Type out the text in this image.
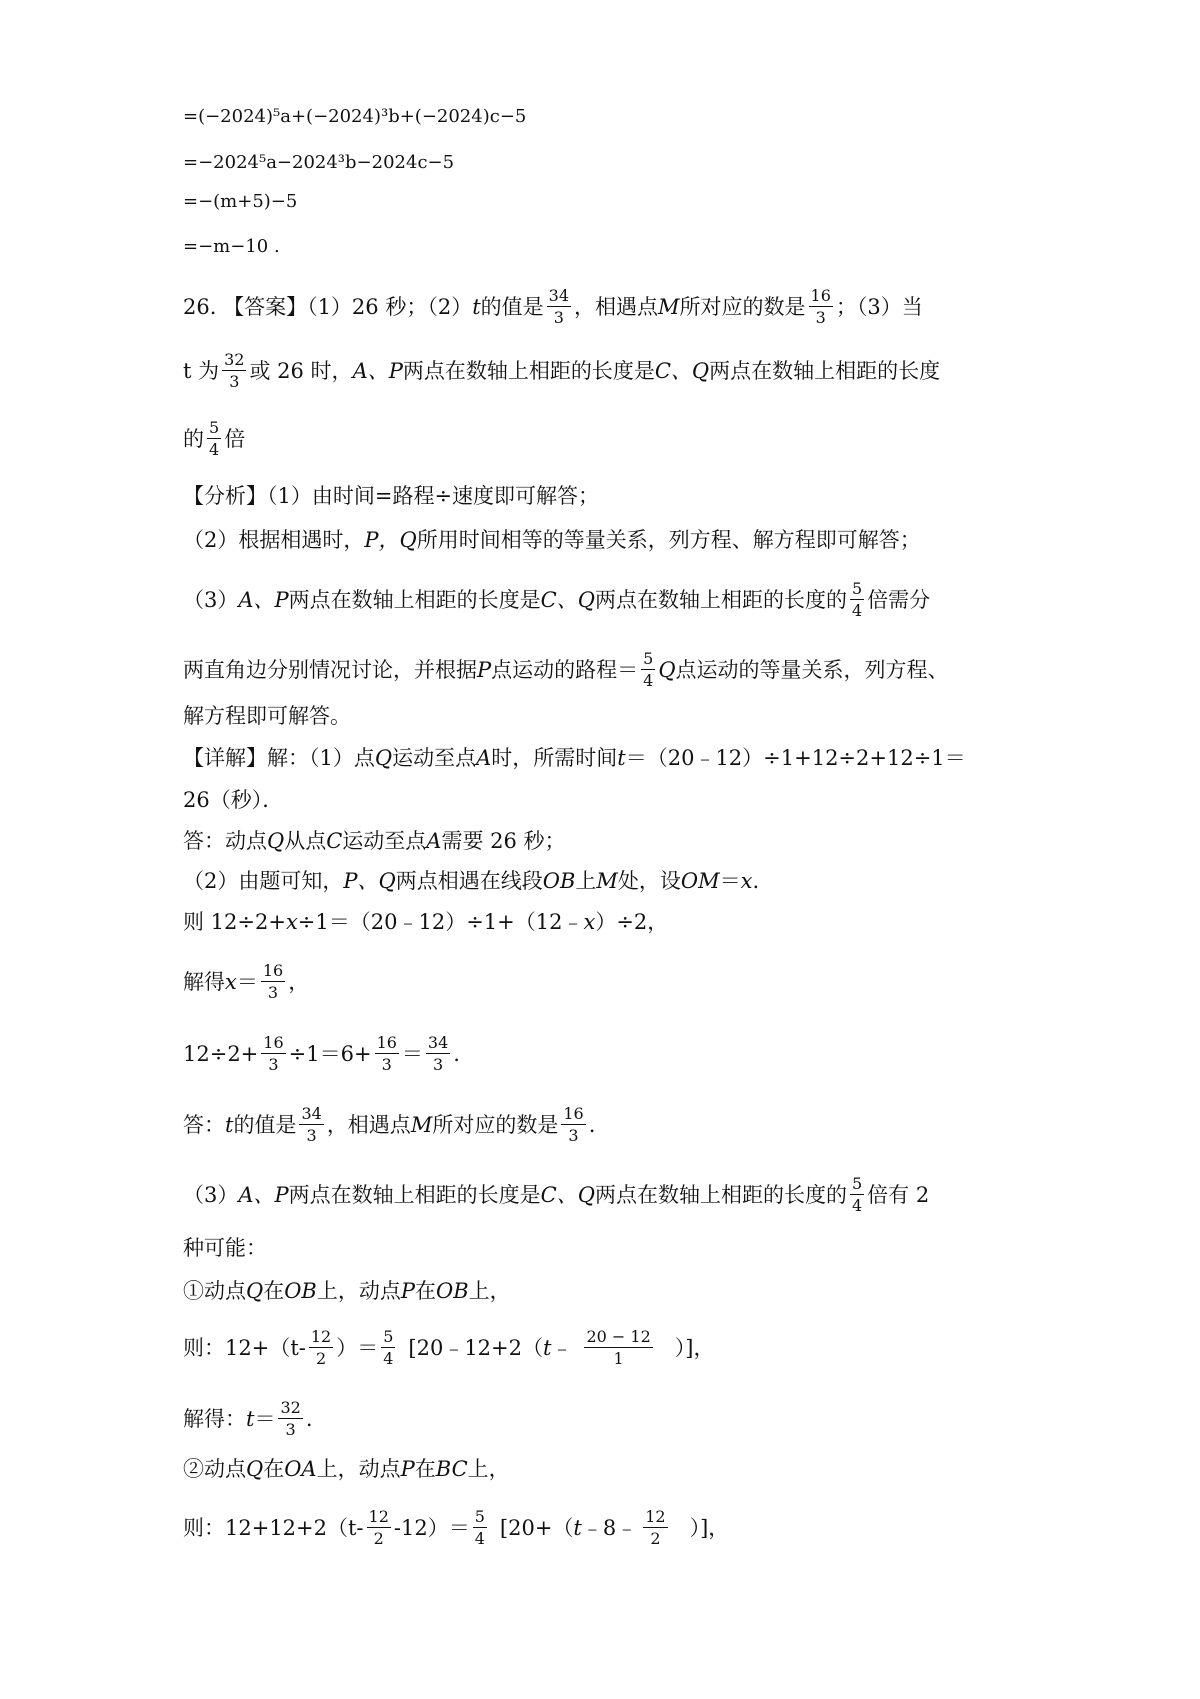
=(−2024)⁵a+(−2024)³b+(−2024)c−5
=−2024⁵a−2024³b−2024c−5
=−(m+5)−5
=−m−10 .
26. 【答案】（1）26 秒；（2） t 的值是 $\frac{34}{3}$ ，相遇点 M 所对应的数是 $\frac{16}{3}$ ；（3）当
t 为 $\frac{32}{3}$ 或 26 时， A、P 两点在数轴上相距的长度是 C、Q 两点在数轴上相距的长度
的 $\frac{5}{4}$ 倍
【分析】（1）由时间=路程÷速度即可解答；
（2）根据相遇时， P，Q 所用时间相等的等量关系，列方程、解方程即可解答；
（3） A、P 两点在数轴上相距的长度是 C、Q 两点在数轴上相距的长度的 $\frac{5}{4}$ 倍需分
两直角边分别情况讨论，并根据 P 点运动的路程＝ $\frac{5}{4}$ Q 点运动的等量关系，列方程、
解方程即可解答。
【详解】解：（1）点 Q 运动至点 A 时，所需时间 t ＝（20﹣12）÷1+12÷2+12÷1＝
26（秒）．
答：动点 Q 从点 C 运动至点 A 需要 26 秒；
（2）由题可知， P、Q 两点相遇在线段 OB 上 M 处，设 OM ＝ x .
则 12÷2+ x ÷1＝（20﹣12）÷1+（12﹣ x ）÷2，
解得 $x = \frac{16}{3}$ ，
$12\div 2+ \frac{16}{3} \div 1=6+ \frac{16}{3} = \frac{34}{3}$ .
答： t 的值是 $\frac{34}{3}$ ，相遇点 M 所对应的数是 $\frac{16}{3}$ .
（3） A、P 两点在数轴上相距的长度是 C、Q 两点在数轴上相距的长度的 $\frac{5}{4}$ 倍有 2
种可能：
①动点 Q 在 OB 上，动点 P 在 OB 上，
则：$12+(t- \frac{12}{2}$ ）＝ $\frac{5}{4}$ [20﹣12+2（ t ﹣ $\frac{20 - 12}{1}$ ）]，
解得： $t = \frac{32}{3}$ .
②动点 Q 在 OA 上，动点 P 在 BC 上，
则：$12+12+2(t- \frac{12}{2} -12)= \frac{5}{4} [20+$（ t ﹣8﹣ $\frac{12}{2}$ ）]，
